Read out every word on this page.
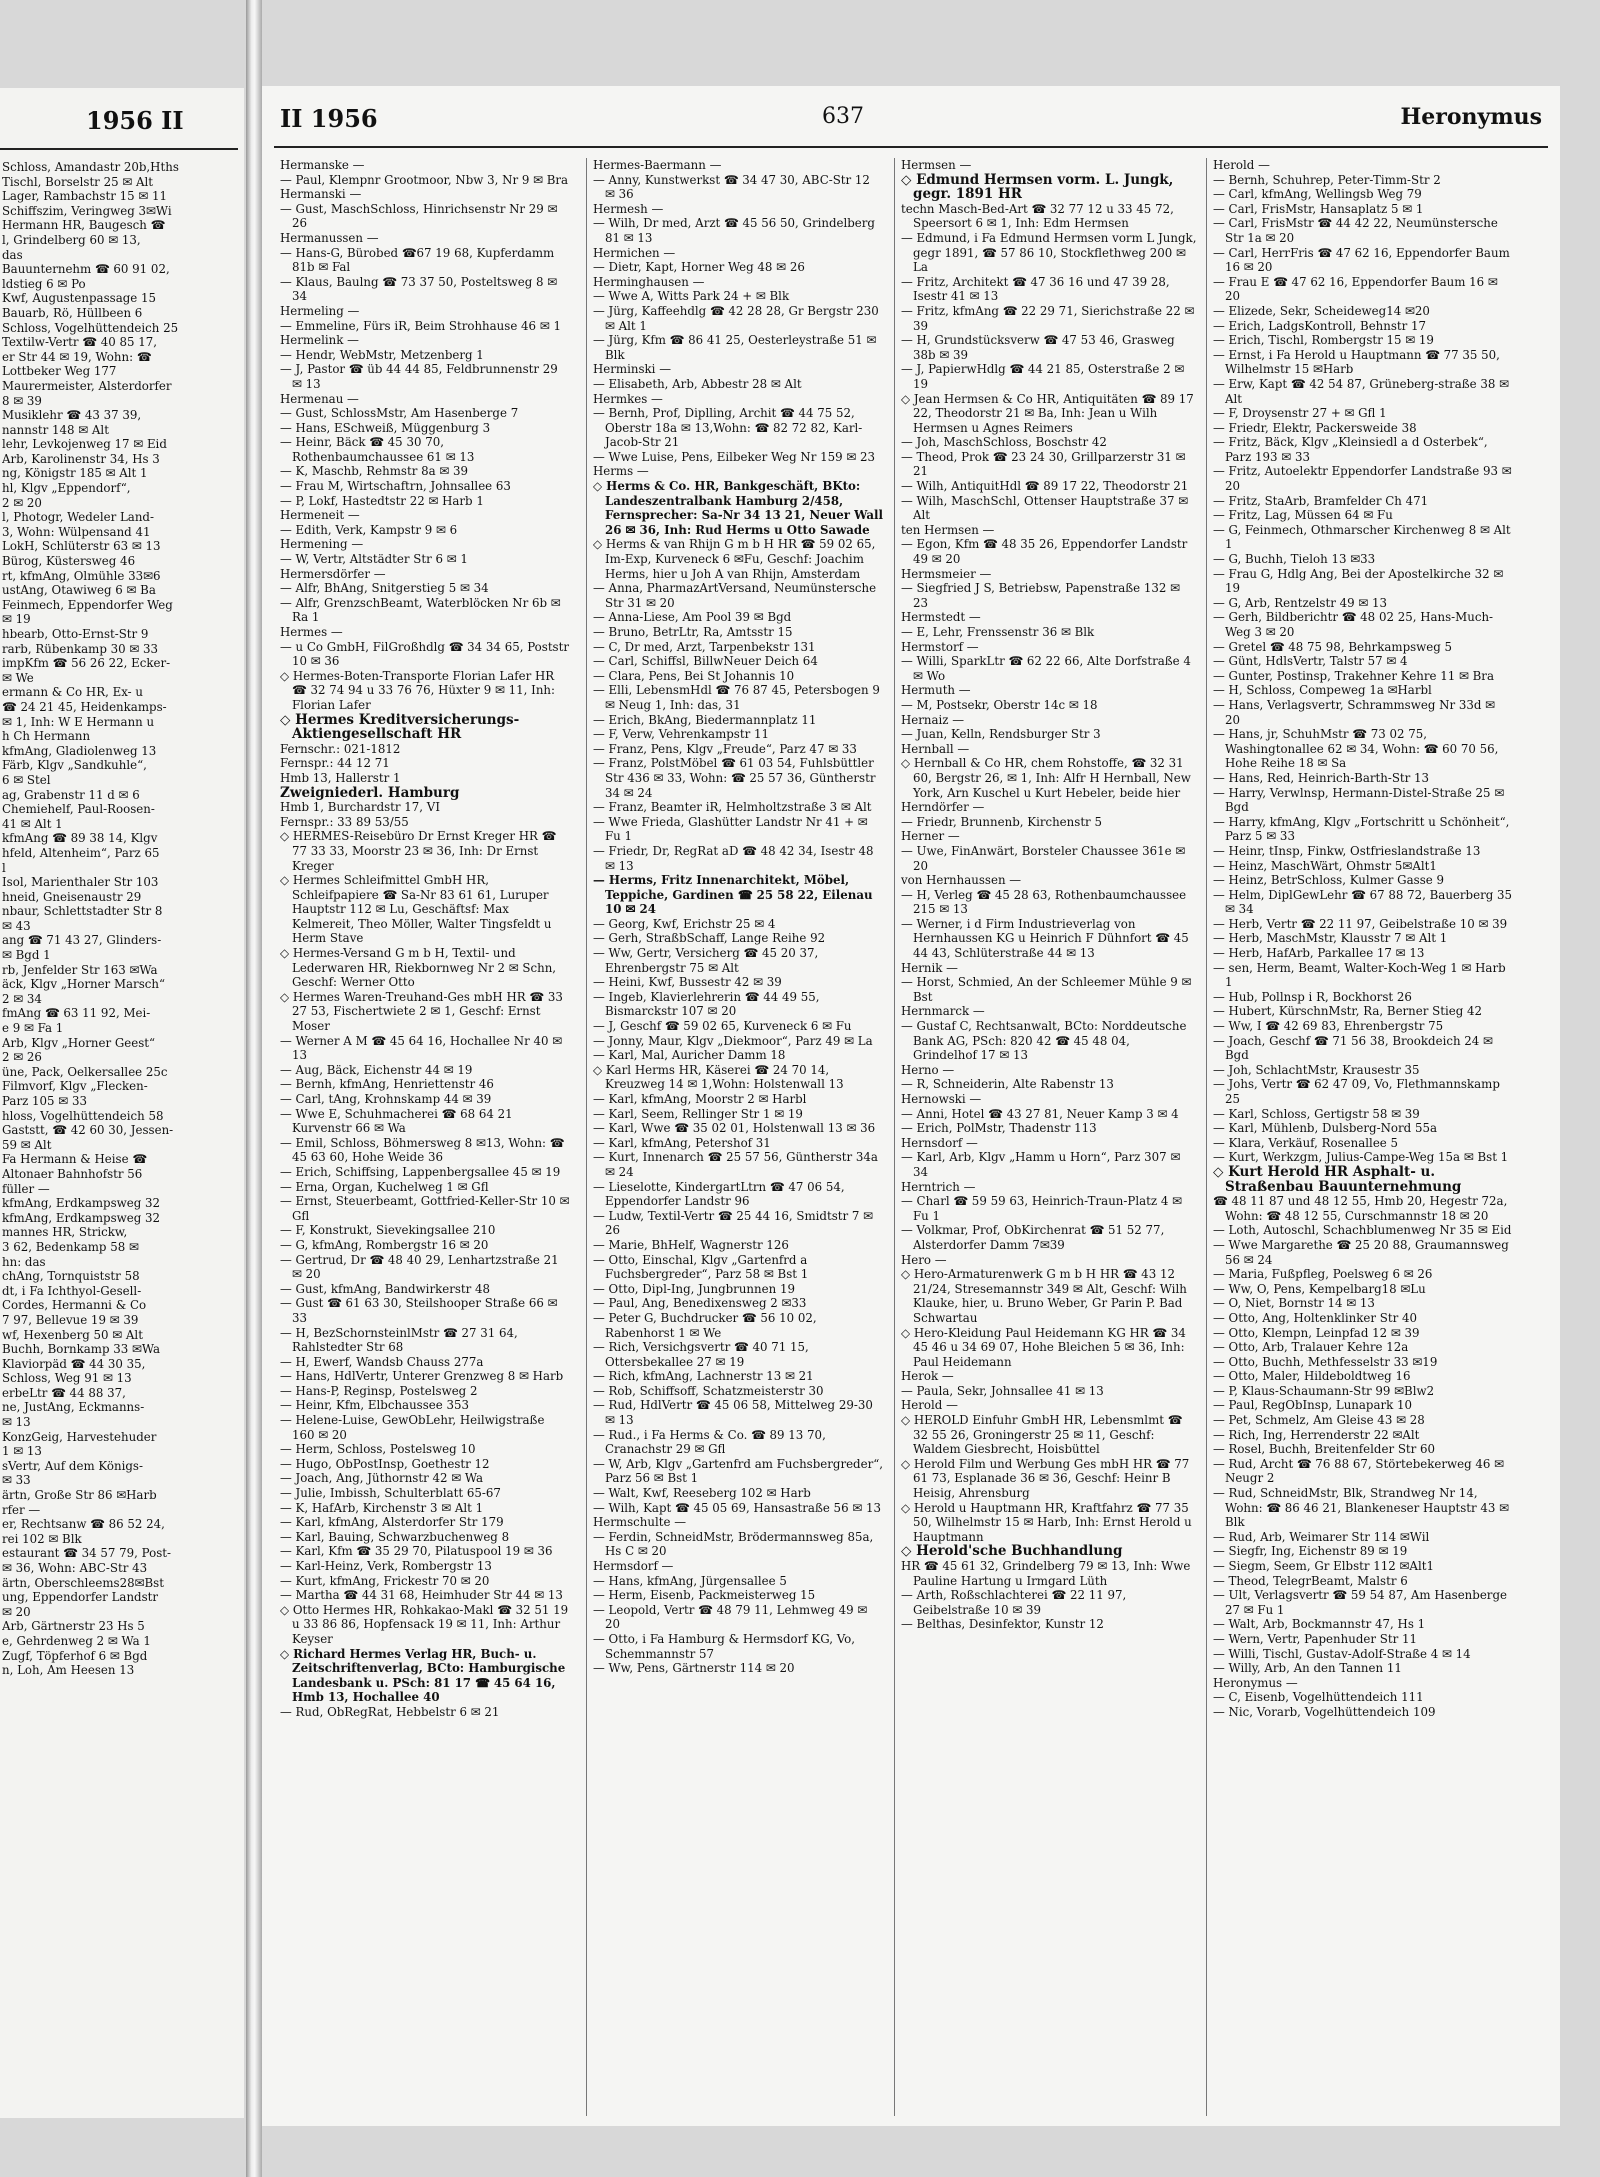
1956 II

Schloss, Amandastr 20b,Hths

Tischl, Borselstr 25 ✉ Alt

Lager, Rambachstr 15 ✉ 11

Schiffszim, Veringweg 3✉Wi

Hermann HR, Baugesch ☎

l, Grindelberg 60 ✉ 13,

das

Bauunternehm ☎ 60 91 02,

ldstieg 6 ✉ Po

Kwf, Augustenpassage 15

Bauarb, Rö, Hüllbeen 6

Schloss, Vogelhüttendeich 25

Textilw-Vertr ☎ 40 85 17,

er Str 44 ✉ 19, Wohn: ☎

Lottbeker Weg 177

Maurermeister, Alsterdorfer

8 ✉ 39

Musiklehr ☎ 43 37 39,

nannstr 148 ✉ Alt

lehr, Levkojenweg 17 ✉ Eid

Arb, Karolinenstr 34, Hs 3

ng, Königstr 185 ✉ Alt 1

hl, Klgv „Eppendorf“,

2 ✉ 20

l, Photogr, Wedeler Land-

3, Wohn: Wülpensand 41

LokH, Schlüterstr 63 ✉ 13

Bürog, Küstersweg 46

rt, kfmAng, Olmühle 33✉6

ustAng, Otawiweg 6 ✉ Ba

Feinmech, Eppendorfer Weg

✉ 19

hbearb, Otto-Ernst-Str 9

rarb, Rübenkamp 30 ✉ 33

impKfm ☎ 56 26 22, Ecker-

✉ We

ermann & Co HR, Ex- u

☎ 24 21 45, Heidenkamps-

✉ 1, Inh: W E Hermann u

h Ch Hermann

kfmAng, Gladiolenweg 13

Färb, Klgv „Sandkuhle“,

6 ✉ Stel

ag, Grabenstr 11 d ✉ 6

Chemiehelf, Paul-Roosen-

41 ✉ Alt 1

kfmAng ☎ 89 38 14, Klgv

hfeld, Altenheim“, Parz 65

l

Isol, Marienthaler Str 103

hneid, Gneisenaustr 29

nbaur, Schlettstadter Str 8

✉ 43

ang ☎ 71 43 27, Glinders-

✉ Bgd 1

rb, Jenfelder Str 163 ✉Wa

äck, Klgv „Horner Marsch“

2 ✉ 34

fmAng ☎ 63 11 92, Mei-

e 9 ✉ Fa 1

Arb, Klgv „Horner Geest“

2 ✉ 26

üne, Pack, Oelkersallee 25c

Filmvorf, Klgv „Flecken-

Parz 105 ✉ 33

hloss, Vogelhüttendeich 58

Gaststt, ☎ 42 60 30, Jessen-

59 ✉ Alt

Fa Hermann & Heise ☎

Altonaer Bahnhofstr 56

füller —

kfmAng, Erdkampsweg 32

kfmAng, Erdkampsweg 32

mannes HR, Strickw,

3 62, Bedenkamp 58 ✉

hn: das

chAng, Tornquiststr 58

dt, i Fa Ichthyol-Gesell-

Cordes, Hermanni & Co

7 97, Bellevue 19 ✉ 39

wf, Hexenberg 50 ✉ Alt

Buchh, Bornkamp 33 ✉Wa

Klaviorpäd ☎ 44 30 35,

Schloss, Weg 91 ✉ 13

erbeLtr ☎ 44 88 37,

ne, JustAng, Eckmanns-

✉ 13

KonzGeig, Harvestehuder

1 ✉ 13

sVertr, Auf dem Königs-

✉ 33

ärtn, Große Str 86 ✉Harb

rfer —

er, Rechtsanw ☎ 86 52 24,

rei 102 ✉ Blk

estaurant ☎ 34 57 79, Post-

✉ 36, Wohn: ABC-Str 43

ärtn, Oberschleems28✉Bst

ung, Eppendorfer Landstr

✉ 20

Arb, Gärtnerstr 23 Hs 5

e, Gehrdenweg 2 ✉ Wa 1

Zugf, Töpferhof 6 ✉ Bgd

n, Loh, Am Heesen 13

II 1956	637	Heronymus

Hermanske —

— Paul, Klempnr Grootmoor, Nbw 3, Nr 9 ✉ Bra

Hermanski —

— Gust, MaschSchloss, Hinrichsenstr Nr 29 ✉ 26

Hermanussen —

— Hans-G, Bürobed ☎67 19 68, Kupferdamm 81b ✉ Fal

— Klaus, Baulng ☎ 73 37 50, Posteltsweg 8 ✉ 34

Hermeling —

— Emmeline, Fürs iR, Beim Strohhause 46 ✉ 1

Hermelink —

— Hendr, WebMstr, Metzenberg 1

— J, Pastor ☎ üb 44 44 85, Feldbrunnenstr 29 ✉ 13

Hermenau —

— Gust, SchlossMstr, Am Hasenberge 7

— Hans, ESchweiß, Müggenburg 3

— Heinr, Bäck ☎ 45 30 70, Rothenbaumchaussee 61 ✉ 13

— K, Maschb, Rehmstr 8a ✉ 39

— Frau M, Wirtschaftrn, Johnsallee 63

— P, Lokf, Hastedtstr 22 ✉ Harb 1

Hermeneit —

— Edith, Verk, Kampstr 9 ✉ 6

Hermening —

— W, Vertr, Altstädter Str 6 ✉ 1

Hermersdörfer —

— Alfr, BhAng, Snitgerstieg 5 ✉ 34

— Alfr, GrenzschBeamt, Waterblöcken Nr 6b ✉ Ra 1

Hermes —

— u Co GmbH, FilGroßhdlg ☎ 34 34 65, Poststr 10 ✉ 36

◇ Hermes-Boten-Transporte Florian Lafer HR ☎ 32 74 94 u 33 76 76, Hüxter 9 ✉ 11, Inh: Florian Lafer

◇ Hermes Kreditversicherungs-Aktiengesellschaft HR

Fernschr.: 021-1812

Fernspr.: 44 12 71

Hmb 13, Hallerstr 1

Zweigniederl. Hamburg

Hmb 1, Burchardstr 17, VI

Fernspr.: 33 89 53/55

◇ HERMES-Reisebüro Dr Ernst Kreger HR ☎ 77 33 33, Moorstr 23 ✉ 36, Inh: Dr Ernst Kreger

◇ Hermes Schleifmittel GmbH HR, Schleifpapiere ☎ Sa-Nr 83 61 61, Luruper Hauptstr 112 ✉ Lu, Geschäftsf: Max Kelmereit, Theo Möller, Walter Tingsfeldt u Herm Stave

◇ Hermes-Versand G m b H, Textil- und Lederwaren HR, Riekbornweg Nr 2 ✉ Schn, Geschf: Werner Otto

◇ Hermes Waren-Treuhand-Ges mbH HR ☎ 33 27 53, Fischertwiete 2 ✉ 1, Geschf: Ernst Moser

— Werner A M ☎ 45 64 16, Hochallee Nr 40 ✉ 13

— Aug, Bäck, Eichenstr 44 ✉ 19

— Bernh, kfmAng, Henriettenstr 46

— Carl, tAng, Krohnskamp 44 ✉ 39

— Wwe E, Schuhmacherei ☎ 68 64 21 Kurvenstr 66 ✉ Wa

— Emil, Schloss, Böhmersweg 8 ✉13, Wohn: ☎ 45 63 60, Hohe Weide 36

— Erich, Schiffsing, Lappenbergsallee 45 ✉ 19

— Erna, Organ, Kuchelweg 1 ✉ Gfl

— Ernst, Steuerbeamt, Gottfried-Keller-Str 10 ✉ Gfl

— F, Konstrukt, Sievekingsallee 210

— G, kfmAng, Rombergstr 16 ✉ 20

— Gertrud, Dr ☎ 48 40 29, Lenhartzstraße 21 ✉ 20

— Gust, kfmAng, Bandwirkerstr 48

— Gust ☎ 61 63 30, Steilshooper Straße 66 ✉ 33

— H, BezSchornsteinlMstr ☎ 27 31 64, Rahlstedter Str 68

— H, Ewerf, Wandsb Chauss 277a

— Hans, HdlVertr, Unterer Grenzweg 8 ✉ Harb

— Hans-P, Reginsp, Postelsweg 2

— Heinr, Kfm, Elbchaussee 353

— Helene-Luise, GewObLehr, Heilwigstraße 160 ✉ 20

— Herm, Schloss, Postelsweg 10

— Hugo, ObPostInsp, Goethestr 12

— Joach, Ang, Jüthornstr 42 ✉ Wa

— Julie, Imbissh, Schulterblatt 65-67

— K, HafArb, Kirchenstr 3 ✉ Alt 1

— Karl, kfmAng, Alsterdorfer Str 179

— Karl, Bauing, Schwarzbuchenweg 8

— Karl, Kfm ☎ 35 29 70, Pilatuspool 19 ✉ 36

— Karl-Heinz, Verk, Rombergstr 13

— Kurt, kfmAng, Frickestr 70 ✉ 20

— Martha ☎ 44 31 68, Heimhuder Str 44 ✉ 13

◇ Otto Hermes HR, Rohkakao-Makl ☎ 32 51 19 u 33 86 86, Hopfensack 19 ✉ 11, Inh: Arthur Keyser

◇ Richard Hermes Verlag HR, Buch- u. Zeitschriftenverlag, BCto: Hamburgische Landesbank u. PSch: 81 17 ☎ 45 64 16, Hmb 13, Hochallee 40

— Rud, ObRegRat, Hebbelstr 6 ✉ 21

Hermes-Baermann —

— Anny, Kunstwerkst ☎ 34 47 30, ABC-Str 12 ✉ 36

Hermesh —

— Wilh, Dr med, Arzt ☎ 45 56 50, Grindelberg 81 ✉ 13

Hermichen —

— Dietr, Kapt, Horner Weg 48 ✉ 26

Herminghausen —

— Wwe A, Witts Park 24 + ✉ Blk

— Jürg, Kaffeehdlg ☎ 42 28 28, Gr Bergstr 230 ✉ Alt 1

— Jürg, Kfm ☎ 86 41 25, Oesterleystraße 51 ✉ Blk

Herminski —

— Elisabeth, Arb, Abbestr 28 ✉ Alt

Hermkes —

— Bernh, Prof, Diplling, Archit ☎ 44 75 52, Oberstr 18a ✉ 13,Wohn: ☎ 82 72 82, Karl-Jacob-Str 21

— Wwe Luise, Pens, Eilbeker Weg Nr 159 ✉ 23

Herms —

◇ Herms & Co. HR, Bankgeschäft, BKto: Landeszentralbank Hamburg 2/458, Fernsprecher: Sa-Nr 34 13 21, Neuer Wall 26 ✉ 36, Inh: Rud Herms u Otto Sawade

◇ Herms & van Rhijn G m b H HR ☎ 59 02 65, Im-Exp, Kurveneck 6 ✉Fu, Geschf: Joachim Herms, hier u Joh A van Rhijn, Amsterdam

— Anna, PharmazArtVersand, Neumünstersche Str 31 ✉ 20

— Anna-Liese, Am Pool 39 ✉ Bgd

— Bruno, BetrLtr, Ra, Amtsstr 15

— C, Dr med, Arzt, Tarpenbekstr 131

— Carl, Schiffsl, BillwNeuer Deich 64

— Clara, Pens, Bei St Johannis 10

— Elli, LebensmHdl ☎ 76 87 45, Petersbogen 9 ✉ Neug 1, Inh: das, 31

— Erich, BkAng, Biedermannplatz 11

— F, Verw, Vehrenkampstr 11

— Franz, Pens, Klgv „Freude“, Parz 47 ✉ 33

— Franz, PolstMöbel ☎ 61 03 54, Fuhlsbüttler Str 436 ✉ 33, Wohn: ☎ 25 57 36, Güntherstr 34 ✉ 24

— Franz, Beamter iR, Helmholtzstraße 3 ✉ Alt

— Wwe Frieda, Glashütter Landstr Nr 41 + ✉ Fu 1

— Friedr, Dr, RegRat aD ☎ 48 42 34, Isestr 48 ✉ 13

— Herms, Fritz Innenarchitekt, Möbel, Teppiche, Gardinen ☎ 25 58 22, Eilenau 10 ✉ 24

— Georg, Kwf, Erichstr 25 ✉ 4

— Gerh, StraßbSchaff, Lange Reihe 92

— Ww, Gertr, Versicherg ☎ 45 20 37, Ehrenbergstr 75 ✉ Alt

— Heini, Kwf, Bussestr 42 ✉ 39

— Ingeb, Klavierlehrerin ☎ 44 49 55, Bismarckstr 107 ✉ 20

— J, Geschf ☎ 59 02 65, Kurveneck 6 ✉ Fu

— Jonny, Maur, Klgv „Diekmoor“, Parz 49 ✉ La

— Karl, Mal, Auricher Damm 18

◇ Karl Herms HR, Käserei ☎ 24 70 14, Kreuzweg 14 ✉ 1,Wohn: Holstenwall 13

— Karl, kfmAng, Moorstr 2 ✉ Harbl

— Karl, Seem, Rellinger Str 1 ✉ 19

— Karl, Wwe ☎ 35 02 01, Holstenwall 13 ✉ 36

— Karl, kfmAng, Petershof 31

— Kurt, Innenarch ☎ 25 57 56, Güntherstr 34a ✉ 24

— Lieselotte, KindergartLtrn ☎ 47 06 54, Eppendorfer Landstr 96

— Ludw, Textil-Vertr ☎ 25 44 16, Smidtstr 7 ✉ 26

— Marie, BhHelf, Wagnerstr 126

— Otto, Einschal, Klgv „Gartenfrd a Fuchsbergreder“, Parz 58 ✉ Bst 1

— Otto, Dipl-Ing, Jungbrunnen 19

— Paul, Ang, Benedixensweg 2 ✉33

— Peter G, Buchdrucker ☎ 56 10 02, Rabenhorst 1 ✉ We

— Rich, Versichgsvertr ☎ 40 71 15, Ottersbekallee 27 ✉ 19

— Rich, kfmAng, Lachnerstr 13 ✉ 21

— Rob, Schiffsoff, Schatzmeisterstr 30

— Rud, HdlVertr ☎ 45 06 58, Mittelweg 29-30 ✉ 13

— Rud., i Fa Herms & Co. ☎ 89 13 70, Cranachstr 29 ✉ Gfl

— W, Arb, Klgv „Gartenfrd am Fuchsbergreder“, Parz 56 ✉ Bst 1

— Walt, Kwf, Reeseberg 102 ✉ Harb

— Wilh, Kapt ☎ 45 05 69, Hansastraße 56 ✉ 13

Hermschulte —

— Ferdin, SchneidMstr, Brödermannsweg 85a, Hs C ✉ 20

Hermsdorf —

— Hans, kfmAng, Jürgensallee 5

— Herm, Eisenb, Packmeisterweg 15

— Leopold, Vertr ☎ 48 79 11, Lehmweg 49 ✉ 20

— Otto, i Fa Hamburg & Hermsdorf KG, Vo, Schemmannstr 57

— Ww, Pens, Gärtnerstr 114 ✉ 20

Hermsen —

◇ Edmund Hermsen vorm. L. Jungk, gegr. 1891 HR

techn Masch-Bed-Art ☎ 32 77 12 u 33 45 72, Speersort 6 ✉ 1, Inh: Edm Hermsen

— Edmund, i Fa Edmund Hermsen vorm L Jungk, gegr 1891, ☎ 57 86 10, Stockflethweg 200 ✉ La

— Fritz, Architekt ☎ 47 36 16 und 47 39 28, Isestr 41 ✉ 13

— Fritz, kfmAng ☎ 22 29 71, Sierichstraße 22 ✉ 39

— H, Grundstücksverw ☎ 47 53 46, Grasweg 38b ✉ 39

— J, PapierwHdlg ☎ 44 21 85, Osterstraße 2 ✉ 19

◇ Jean Hermsen & Co HR, Antiquitäten ☎ 89 17 22, Theodorstr 21 ✉ Ba, Inh: Jean u Wilh Hermsen u Agnes Reimers

— Joh, MaschSchloss, Boschstr 42

— Theod, Prok ☎ 23 24 30, Grillparzerstr 31 ✉ 21

— Wilh, AntiquitHdl ☎ 89 17 22, Theodorstr 21

— Wilh, MaschSchl, Ottenser Hauptstraße 37 ✉ Alt

ten Hermsen —

— Egon, Kfm ☎ 48 35 26, Eppendorfer Landstr 49 ✉ 20

Hermsmeier —

— Siegfried J S, Betriebsw, Papenstraße 132 ✉ 23

Hermstedt —

— E, Lehr, Frenssenstr 36 ✉ Blk

Hermstorf —

— Willi, SparkLtr ☎ 62 22 66, Alte Dorfstraße 4 ✉ Wo

Hermuth —

— M, Postsekr, Oberstr 14c ✉ 18

Hernaiz —

— Juan, Kelln, Rendsburger Str 3

Hernball —

◇ Hernball & Co HR, chem Rohstoffe, ☎ 32 31 60, Bergstr 26, ✉ 1, Inh: Alfr H Hernball, New York, Arn Kuschel u Kurt Hebeler, beide hier

Herndörfer —

— Friedr, Brunnenb, Kirchenstr 5

Herner —

— Uwe, FinAnwärt, Borsteler Chaussee 361e ✉ 20

von Hernhaussen —

— H, Verleg ☎ 45 28 63, Rothenbaumchaussee 215 ✉ 13

— Werner, i d Firm Industrieverlag von Hernhaussen KG u Heinrich F Dühnfort ☎ 45 44 43, Schlüterstraße 44 ✉ 13

Hernik —

— Horst, Schmied, An der Schleemer Mühle 9 ✉ Bst

Hernmarck —

— Gustaf C, Rechtsanwalt, BCto: Norddeutsche Bank AG, PSch: 820 42 ☎ 45 48 04, Grindelhof 17 ✉ 13

Herno —

— R, Schneiderin, Alte Rabenstr 13

Hernowski —

— Anni, Hotel ☎ 43 27 81, Neuer Kamp 3 ✉ 4

— Erich, PolMstr, Thadenstr 113

Hernsdorf —

— Karl, Arb, Klgv „Hamm u Horn“, Parz 307 ✉ 34

Herntrich —

— Charl ☎ 59 59 63, Heinrich-Traun-Platz 4 ✉ Fu 1

— Volkmar, Prof, ObKirchenrat ☎ 51 52 77, Alsterdorfer Damm 7✉39

Hero —

◇ Hero-Armaturenwerk G m b H HR ☎ 43 12 21/24, Stresemannstr 349 ✉ Alt, Geschf: Wilh Klauke, hier, u. Bruno Weber, Gr Parin P. Bad Schwartau

◇ Hero-Kleidung Paul Heidemann KG HR ☎ 34 45 46 u 34 69 07, Hohe Bleichen 5 ✉ 36, Inh: Paul Heidemann

Herok —

— Paula, Sekr, Johnsallee 41 ✉ 13

Herold —

◇ HEROLD Einfuhr GmbH HR, Lebensmlmt ☎ 32 55 26, Groningerstr 25 ✉ 11, Geschf: Waldem Giesbrecht, Hoisbüttel

◇ Herold Film und Werbung Ges mbH HR ☎ 77 61 73, Esplanade 36 ✉ 36, Geschf: Heinr B Heisig, Ahrensburg

◇ Herold u Hauptmann HR, Kraftfahrz ☎ 77 35 50, Wilhelmstr 15 ✉ Harb, Inh: Ernst Herold u Hauptmann

◇ Herold'sche Buchhandlung

HR ☎ 45 61 32, Grindelberg 79 ✉ 13, Inh: Wwe Pauline Hartung u Irmgard Lüth

— Arth, Roßschlachterei ☎ 22 11 97, Geibelstraße 10 ✉ 39

— Belthas, Desinfektor, Kunstr 12

Herold —

— Bernh, Schuhrep, Peter-Timm-Str 2

— Carl, kfmAng, Wellingsb Weg 79

— Carl, FrisMstr, Hansaplatz 5 ✉ 1

— Carl, FrisMstr ☎ 44 42 22, Neumünstersche Str 1a ✉ 20

— Carl, HerrFris ☎ 47 62 16, Eppendorfer Baum 16 ✉ 20

— Frau E ☎ 47 62 16, Eppendorfer Baum 16 ✉ 20

— Elizede, Sekr, Scheideweg14 ✉20

— Erich, LadgsKontroll, Behnstr 17

— Erich, Tischl, Rombergstr 15 ✉ 19

— Ernst, i Fa Herold u Hauptmann ☎ 77 35 50, Wilhelmstr 15 ✉Harb

— Erw, Kapt ☎ 42 54 87, Grüneberg-straße 38 ✉ Alt

— F, Droysenstr 27 + ✉ Gfl 1

— Friedr, Elektr, Packersweide 38

— Fritz, Bäck, Klgv „Kleinsiedl a d Osterbek“, Parz 193 ✉ 33

— Fritz, Autoelektr Eppendorfer Landstraße 93 ✉ 20

— Fritz, StaArb, Bramfelder Ch 471

— Fritz, Lag, Müssen 64 ✉ Fu

— G, Feinmech, Othmarscher Kirchenweg 8 ✉ Alt 1

— G, Buchh, Tieloh 13 ✉33

— Frau G, Hdlg Ang, Bei der Apostelkirche 32 ✉ 19

— G, Arb, Rentzelstr 49 ✉ 13

— Gerh, Bildberichtr ☎ 48 02 25, Hans-Much-Weg 3 ✉ 20

— Gretel ☎ 48 75 98, Behrkampsweg 5

— Günt, HdlsVertr, Talstr 57 ✉ 4

— Gunter, Postinsp, Trakehner Kehre 11 ✉ Bra

— H, Schloss, Compeweg 1a ✉Harbl

— Hans, Verlagsvertr, Schrammsweg Nr 33d ✉ 20

— Hans, jr, SchuhMstr ☎ 73 02 75, Washingtonallee 62 ✉ 34, Wohn: ☎ 60 70 56, Hohe Reihe 18 ✉ Sa

— Hans, Red, Heinrich-Barth-Str 13

— Harry, Verwlnsp, Hermann-Distel-Straße 25 ✉ Bgd

— Harry, kfmAng, Klgv „Fortschritt u Schönheit“, Parz 5 ✉ 33

— Heinr, tInsp, Finkw, Ostfrieslandstraße 13

— Heinz, MaschWärt, Ohmstr 5✉Alt1

— Heinz, BetrSchloss, Kulmer Gasse 9

— Helm, DiplGewLehr ☎ 67 88 72, Bauerberg 35 ✉ 34

— Herb, Vertr ☎ 22 11 97, Geibelstraße 10 ✉ 39

— Herb, MaschMstr, Klausstr 7 ✉ Alt 1

— Herb, HafArb, Parkallee 17 ✉ 13

— sen, Herm, Beamt, Walter-Koch-Weg 1 ✉ Harb 1

— Hub, Pollnsp i R, Bockhorst 26

— Hubert, KürschnMstr, Ra, Berner Stieg 42

— Ww, I ☎ 42 69 83, Ehrenbergstr 75

— Joach, Geschf ☎ 71 56 38, Brookdeich 24 ✉ Bgd

— Joh, SchlachtMstr, Krausestr 35

— Johs, Vertr ☎ 62 47 09, Vo, Flethmannskamp 25

— Karl, Schloss, Gertigstr 58 ✉ 39

— Karl, Mühlenb, Dulsberg-Nord 55a

— Klara, Verkäuf, Rosenallee 5

— Kurt, Werkzgm, Julius-Campe-Weg 15a ✉ Bst 1

◇ Kurt Herold HR Asphalt- u. Straßenbau Bauunternehmung

☎ 48 11 87 und 48 12 55, Hmb 20, Hegestr 72a, Wohn: ☎ 48 12 55, Curschmannstr 18 ✉ 20

— Loth, Autoschl, Schachblumenweg Nr 35 ✉ Eid

— Wwe Margarethe ☎ 25 20 88, Graumannsweg 56 ✉ 24

— Maria, Fußpfleg, Poelsweg 6 ✉ 26

— Ww, O, Pens, Kempelbarg18 ✉Lu

— O, Niet, Bornstr 14 ✉ 13

— Otto, Ang, Holtenklinker Str 40

— Otto, Klempn, Leinpfad 12 ✉ 39

— Otto, Arb, Tralauer Kehre 12a

— Otto, Buchh, Methfesselstr 33 ✉19

— Otto, Maler, Hildeboldtweg 16

— P, Klaus-Schaumann-Str 99 ✉Blw2

— Paul, RegObInsp, Lunapark 10

— Pet, Schmelz, Am Gleise 43 ✉ 28

— Rich, Ing, Herrenderstr 22 ✉Alt

— Rosel, Buchh, Breitenfelder Str 60

— Rud, Archt ☎ 76 88 67, Störtebekerweg 46 ✉ Neugr 2

— Rud, SchneidMstr, Blk, Strandweg Nr 14, Wohn: ☎ 86 46 21, Blankeneser Hauptstr 43 ✉ Blk

— Rud, Arb, Weimarer Str 114 ✉Wil

— Siegfr, Ing, Eichenstr 89 ✉ 19

— Siegm, Seem, Gr Elbstr 112 ✉Alt1

— Theod, TelegrBeamt, Malstr 6

— Ult, Verlagsvertr ☎ 59 54 87, Am Hasenberge 27 ✉ Fu 1

— Walt, Arb, Bockmannstr 47, Hs 1

— Wern, Vertr, Papenhuder Str 11

— Willi, Tischl, Gustav-Adolf-Straße 4 ✉ 14

— Willy, Arb, An den Tannen 11

Heronymus —

— C, Eisenb, Vogelhüttendeich 111

— Nic, Vorarb, Vogelhüttendeich 109
